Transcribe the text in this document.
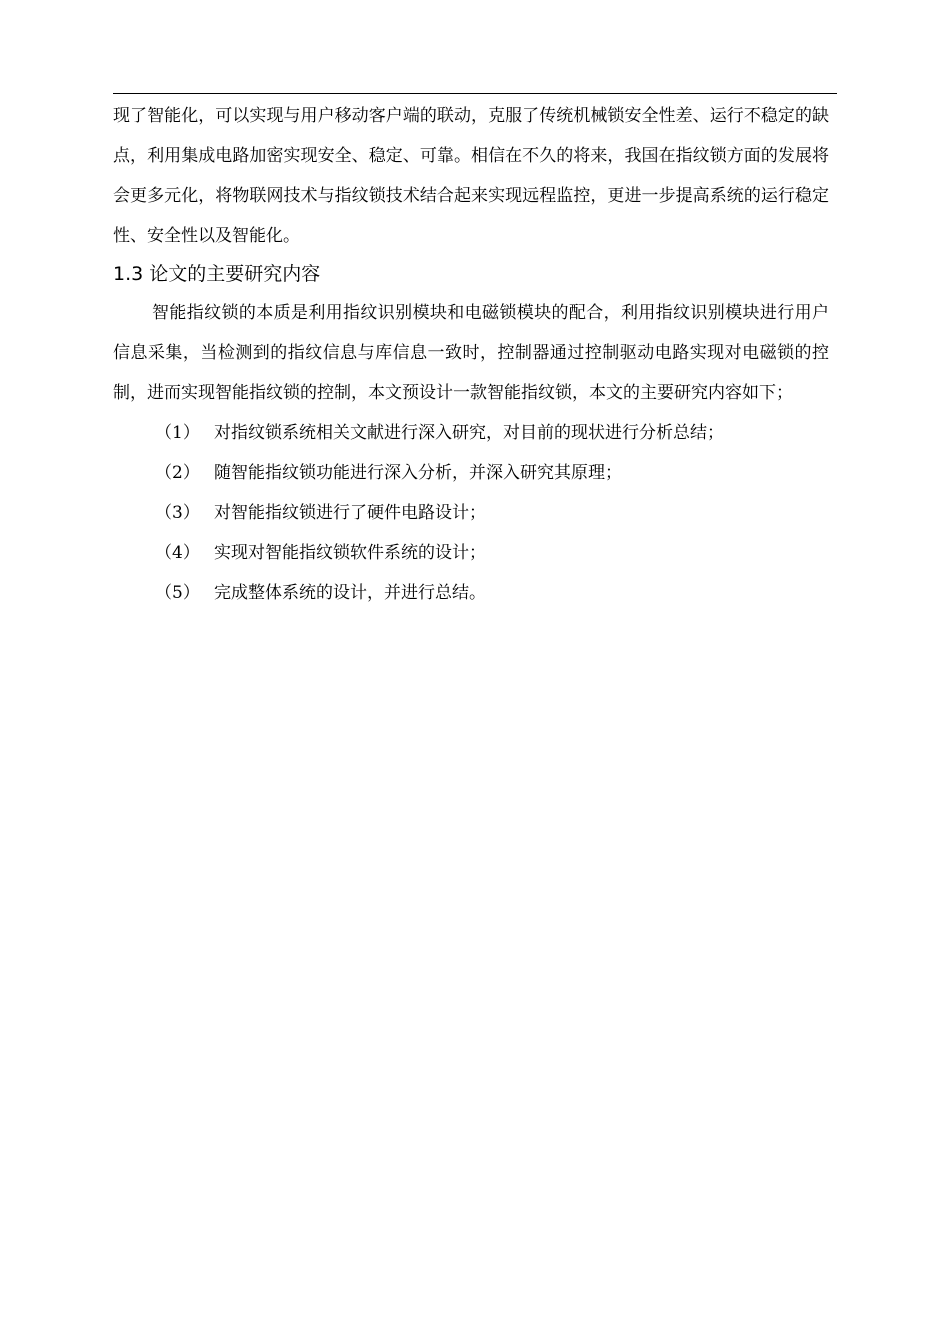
现了智能化，可以实现与用户移动客户端的联动，克服了传统机械锁安全性差、运行不稳定的缺点，利用集成电路加密实现安全、稳定、可靠。相信在不久的将来，我国在指纹锁方面的发展将会更多元化，将物联网技术与指纹锁技术结合起来实现远程监控，更进一步提高系统的运行稳定性、安全性以及智能化。

1.3 论文的主要研究内容

智能指纹锁的本质是利用指纹识别模块和电磁锁模块的配合，利用指纹识别模块进行用户信息采集，当检测到的指纹信息与库信息一致时，控制器通过控制驱动电路实现对电磁锁的控制，进而实现智能指纹锁的控制，本文预设计一款智能指纹锁，本文的主要研究内容如下；

（1） 对指纹锁系统相关文献进行深入研究，对目前的现状进行分析总结；
（2） 随智能指纹锁功能进行深入分析，并深入研究其原理；
（3） 对智能指纹锁进行了硬件电路设计；
（4） 实现对智能指纹锁软件系统的设计；
（5） 完成整体系统的设计，并进行总结。
